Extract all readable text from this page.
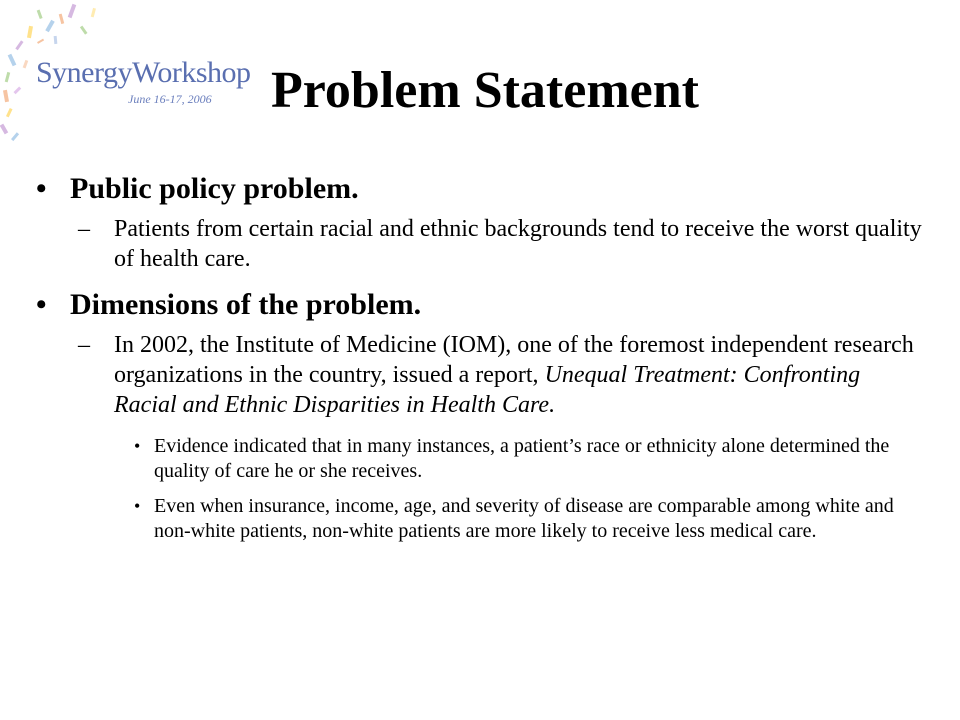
SynergyWorkshop
June 16-17, 2006	Problem Statement
• Public policy problem.
– Patients from certain racial and ethnic backgrounds tend to receive the worst quality of health care.
• Dimensions of the problem.
– In 2002, the Institute of Medicine (IOM), one of the foremost independent research organizations in the country, issued a report, Unequal Treatment: Confronting Racial and Ethnic Disparities in Health Care.
• Evidence indicated that in many instances, a patient’s race or ethnicity alone determined the quality of care he or she receives.
• Even when insurance, income, age, and severity of disease are comparable among white and non-white patients, non-white patients are more likely to receive less medical care.
